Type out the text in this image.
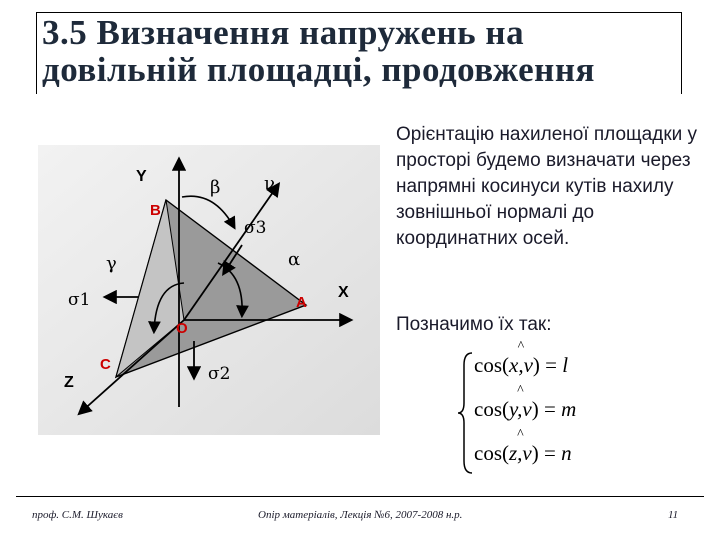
3.5 Визначення напружень на довільній площадці, продовження

Орієнтацію нахиленої площадки у просторі будемо визначати через напрямні косинуси кутів нахилу зовнішньої нормалі до координатних осей.

Позначимо їх так:

Y
X
Z
B
A
O
C
β ν
α
γ
σ1
σ2
σ3
cos(^ x,ν) = l
cos(^ y,ν) = m
cos(^ z,ν) = n
проф. С.М. Шукаєв	Опір матеріалів, Лекція №6, 2007-2008 н.р.	11
